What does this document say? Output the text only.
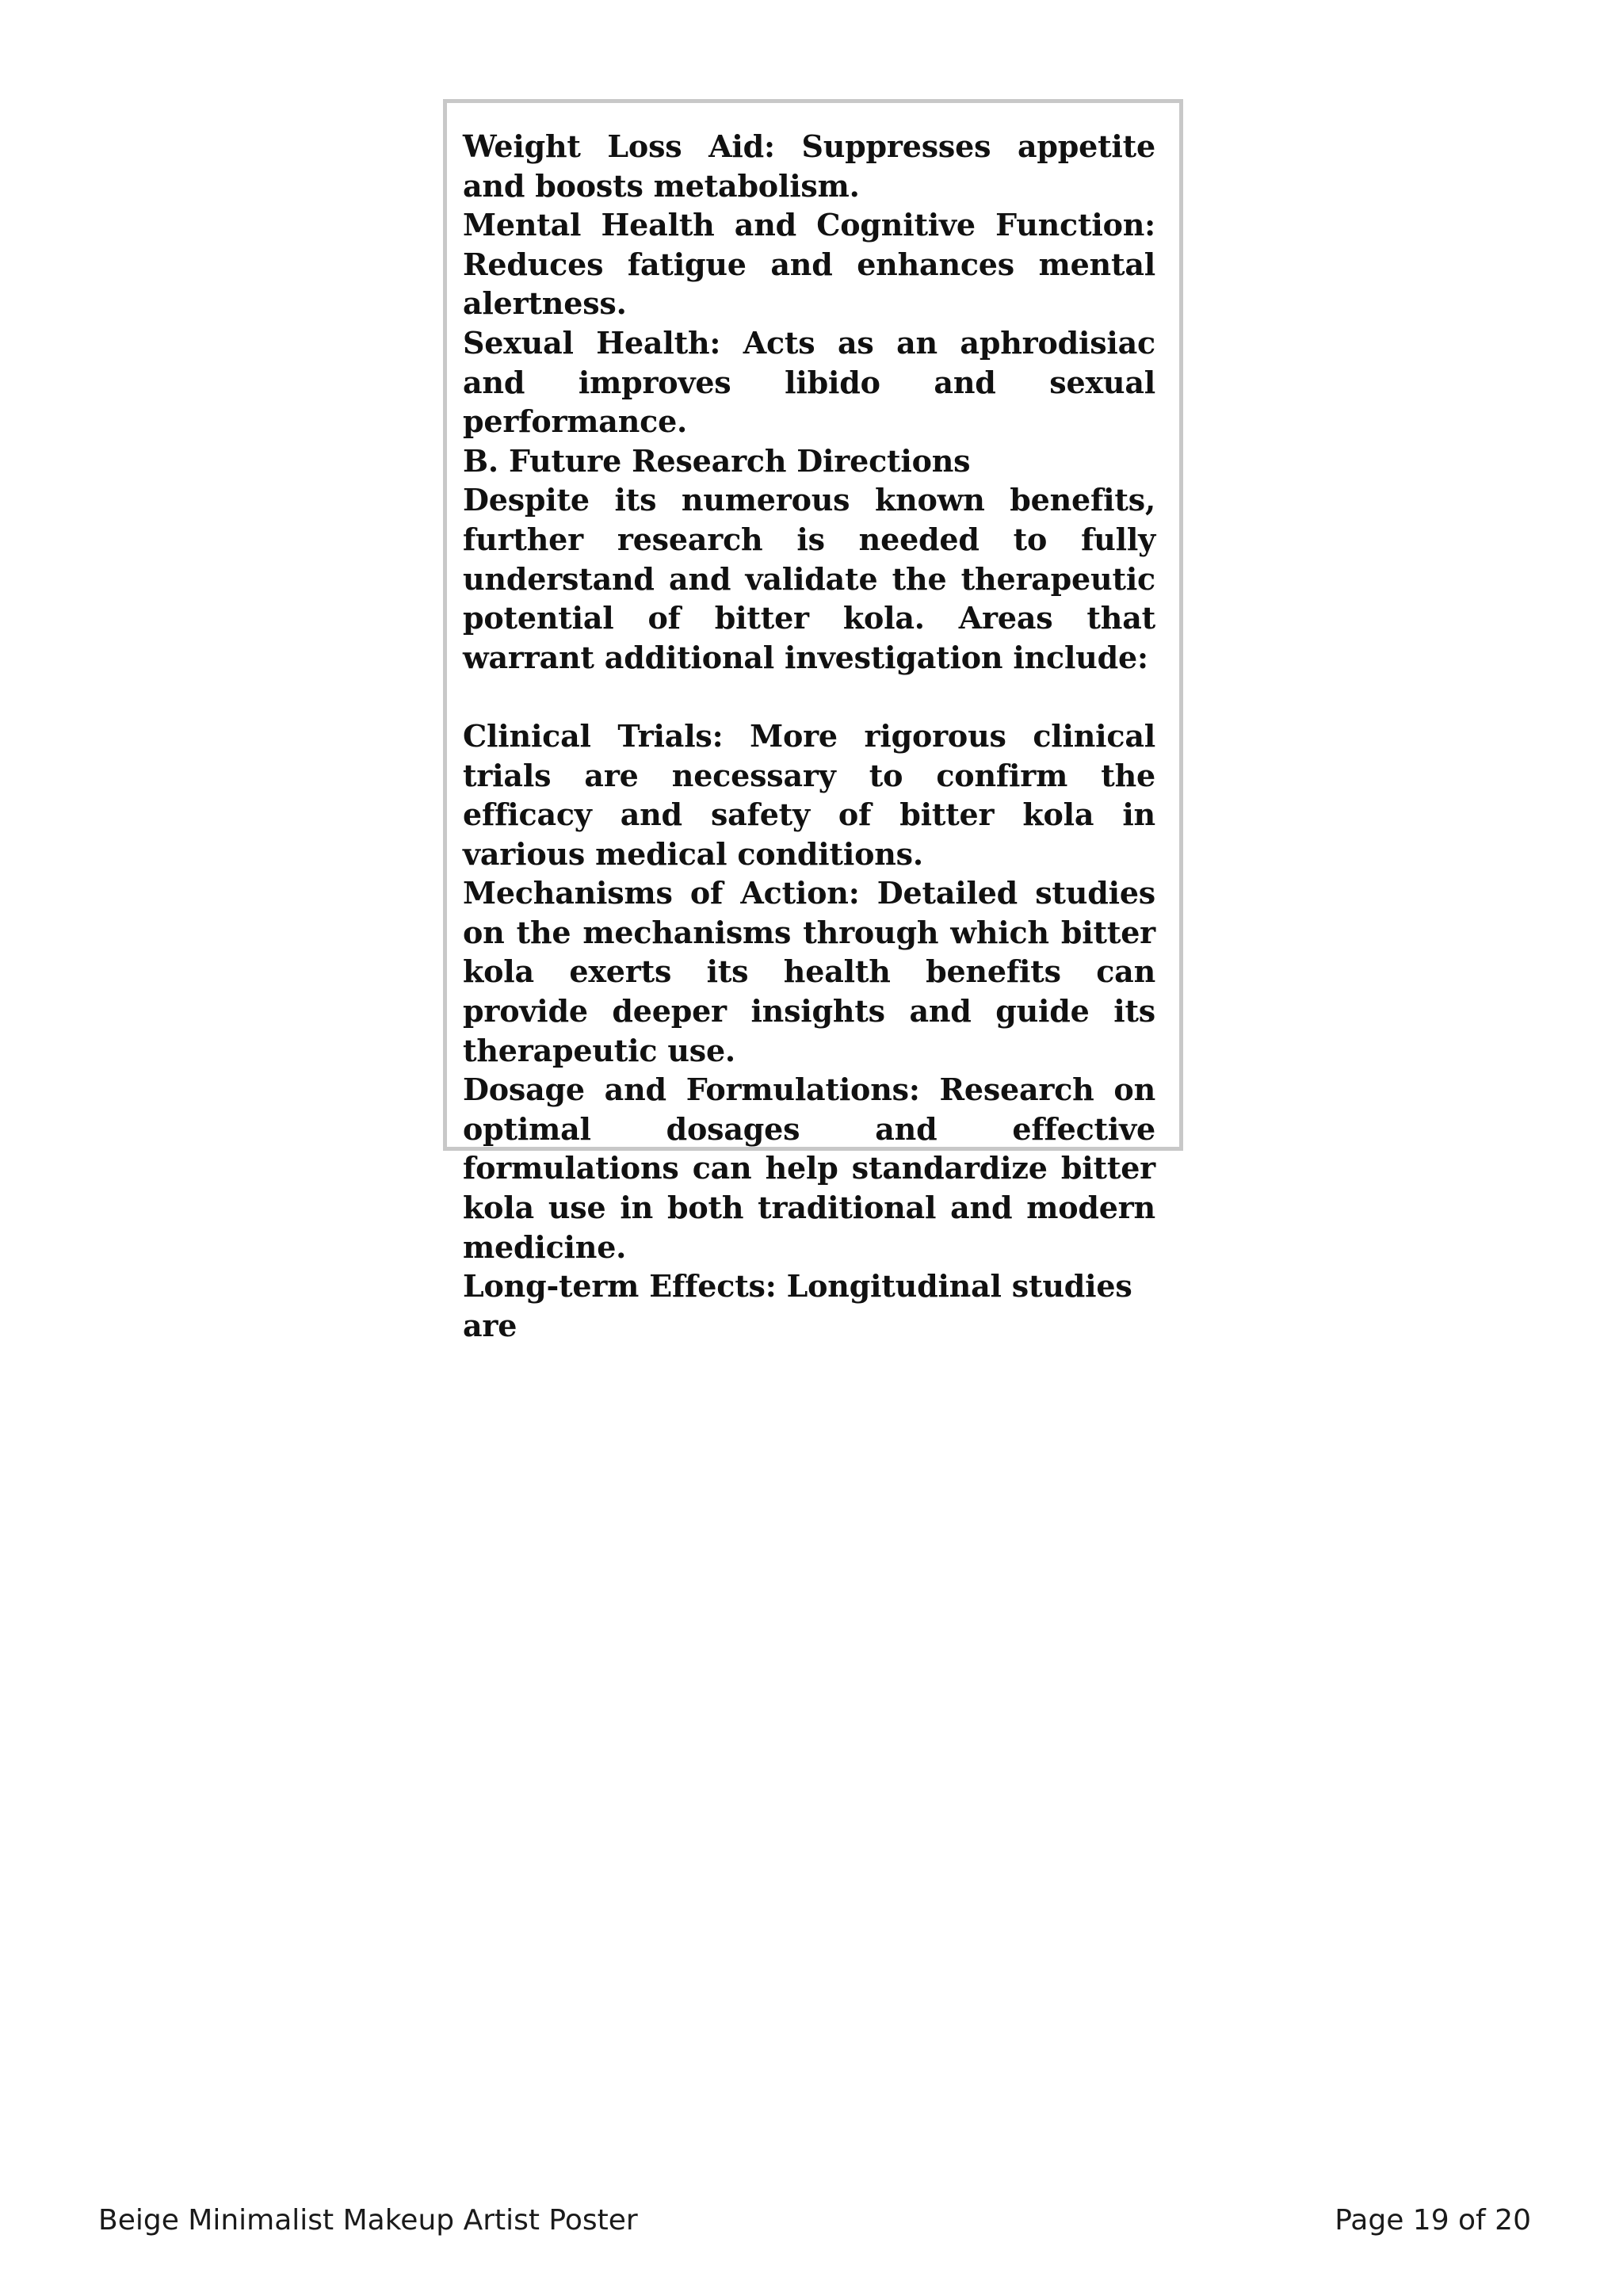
Weight Loss Aid: Suppresses appetite and boosts metabolism.

Mental Health and Cognitive Function: Reduces fatigue and enhances mental alertness.

Sexual Health: Acts as an aphrodisiac and improves libido and sexual performance.

B. Future Research Directions

Despite its numerous known benefits, further research is needed to fully understand and validate the therapeutic potential of bitter kola. Areas that warrant additional investigation include:

Clinical Trials: More rigorous clinical trials are necessary to confirm the efficacy and safety of bitter kola in various medical conditions.

Mechanisms of Action: Detailed studies on the mechanisms through which bitter kola exerts its health benefits can provide deeper insights and guide its therapeutic use.

Dosage and Formulations: Research on optimal dosages and effective formulations can help standardize bitter kola use in both traditional and modern medicine.

Long-term Effects: Longitudinal studies are

Beige Minimalist Makeup Artist Poster	Page 19 of 20
